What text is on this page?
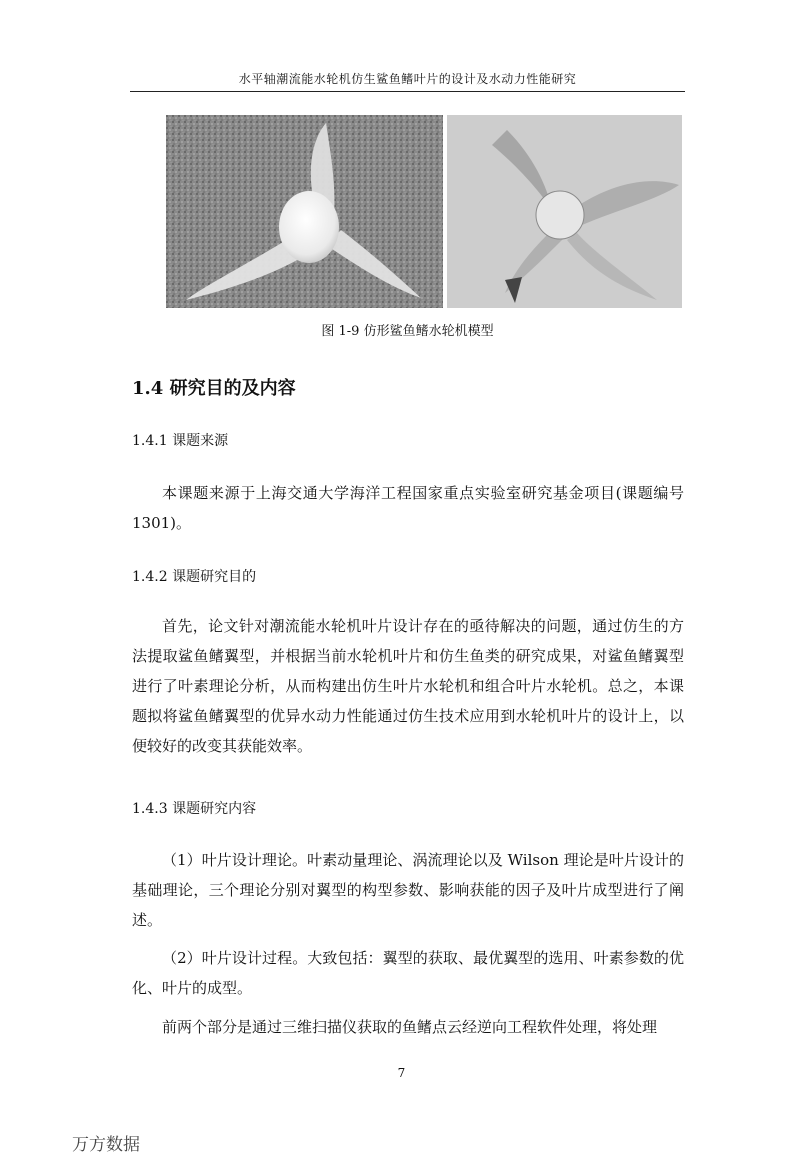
水平轴潮流能水轮机仿生鲨鱼鳍叶片的设计及水动力性能研究
图 1-9 仿形鲨鱼鳍水轮机模型
1.4 研究目的及内容
1.4.1 课题来源

本课题来源于上海交通大学海洋工程国家重点实验室研究基金项目(课题编号 1301)。

1.4.2 课题研究目的

首先，论文针对潮流能水轮机叶片设计存在的亟待解决的问题，通过仿生的方法提取鲨鱼鳍翼型，并根据当前水轮机叶片和仿生鱼类的研究成果，对鲨鱼鳍翼型进行了叶素理论分析，从而构建出仿生叶片水轮机和组合叶片水轮机。总之，本课题拟将鲨鱼鳍翼型的优异水动力性能通过仿生技术应用到水轮机叶片的设计上，以便较好的改变其获能效率。

1.4.3 课题研究内容

（1）叶片设计理论。叶素动量理论、涡流理论以及 Wilson 理论是叶片设计的基础理论，三个理论分别对翼型的构型参数、影响获能的因子及叶片成型进行了阐述。

（2）叶片设计过程。大致包括：翼型的获取、最优翼型的选用、叶素参数的优化、叶片的成型。

前两个部分是通过三维扫描仪获取的鱼鳍点云经逆向工程软件处理，将处理

7
万方数据
